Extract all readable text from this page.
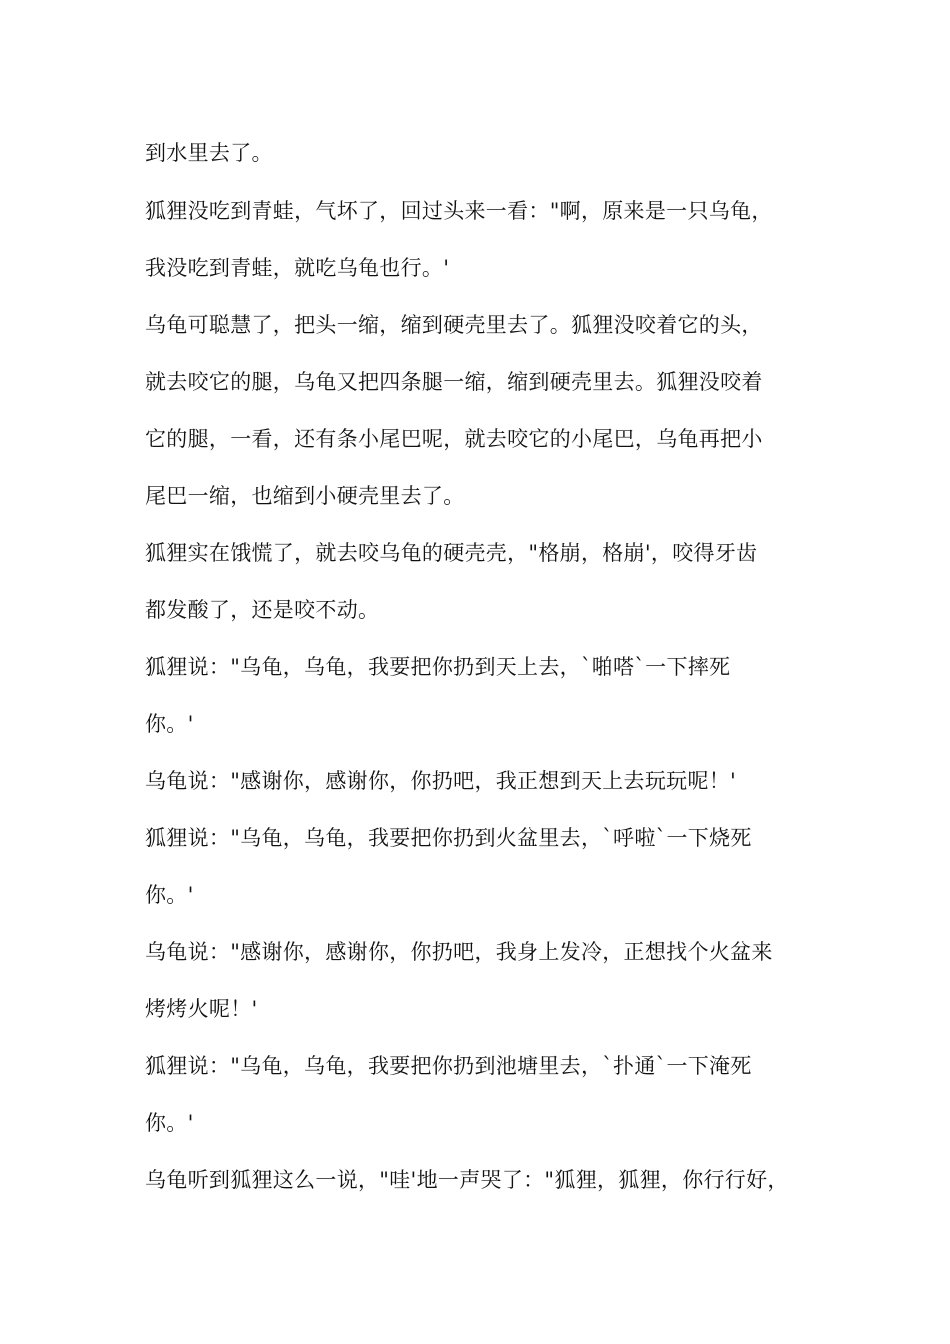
到水里去了。
狐狸没吃到青蛙，气坏了，回过头来一看："啊，原来是一只乌龟，
我没吃到青蛙，就吃乌龟也行。'
乌龟可聪慧了，把头一缩，缩到硬壳里去了。狐狸没咬着它的头，
就去咬它的腿，乌龟又把四条腿一缩，缩到硬壳里去。狐狸没咬着
它的腿，一看，还有条小尾巴呢，就去咬它的小尾巴，乌龟再把小
尾巴一缩，也缩到小硬壳里去了。
狐狸实在饿慌了，就去咬乌龟的硬壳壳，"格崩，格崩'，咬得牙齿
都发酸了，还是咬不动。
狐狸说："乌龟，乌龟，我要把你扔到天上去，`啪嗒`一下摔死
你。'
乌龟说："感谢你，感谢你，你扔吧，我正想到天上去玩玩呢！'
狐狸说："乌龟，乌龟，我要把你扔到火盆里去，`呼啦`一下烧死
你。'
乌龟说："感谢你，感谢你，你扔吧，我身上发冷，正想找个火盆来
烤烤火呢！'
狐狸说："乌龟，乌龟，我要把你扔到池塘里去，`扑通`一下淹死
你。'
乌龟听到狐狸这么一说，"哇'地一声哭了："狐狸，狐狸，你行行好，
